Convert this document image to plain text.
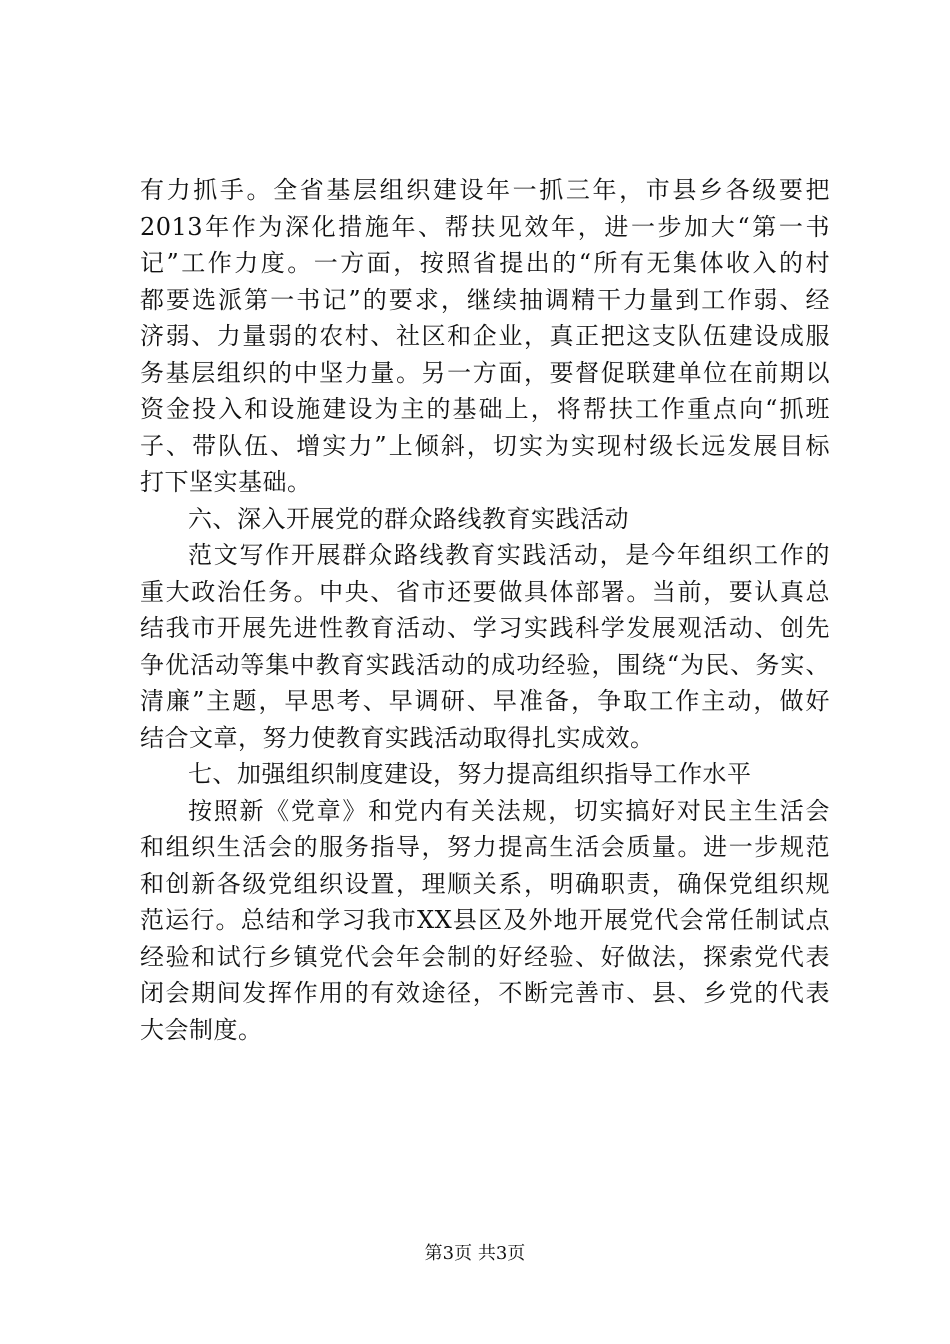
有力抓手。全省基层组织建设年一抓三年，市县乡各级要把
2013年作为深化措施年、帮扶见效年，进一步加大“第一书
记”工作力度。一方面，按照省提出的“所有无集体收入的村
都要选派第一书记”的要求，继续抽调精干力量到工作弱、经
济弱、力量弱的农村、社区和企业，真正把这支队伍建设成服
务基层组织的中坚力量。另一方面，要督促联建单位在前期以
资金投入和设施建设为主的基础上，将帮扶工作重点向“抓班
子、带队伍、增实力”上倾斜，切实为实现村级长远发展目标
打下坚实基础。
六、深入开展党的群众路线教育实践活动
范文写作开展群众路线教育实践活动，是今年组织工作的
重大政治任务。中央、省市还要做具体部署。当前，要认真总
结我市开展先进性教育活动、学习实践科学发展观活动、创先
争优活动等集中教育实践活动的成功经验，围绕“为民、务实、
清廉”主题，早思考、早调研、早准备，争取工作主动，做好
结合文章，努力使教育实践活动取得扎实成效。
七、加强组织制度建设，努力提高组织指导工作水平
按照新《党章》和党内有关法规，切实搞好对民主生活会
和组织生活会的服务指导，努力提高生活会质量。进一步规范
和创新各级党组织设置，理顺关系，明确职责，确保党组织规
范运行。总结和学习我市XX县区及外地开展党代会常任制试点
经验和试行乡镇党代会年会制的好经验、好做法，探索党代表
闭会期间发挥作用的有效途径，不断完善市、县、乡党的代表
大会制度。
第3页 共3页
